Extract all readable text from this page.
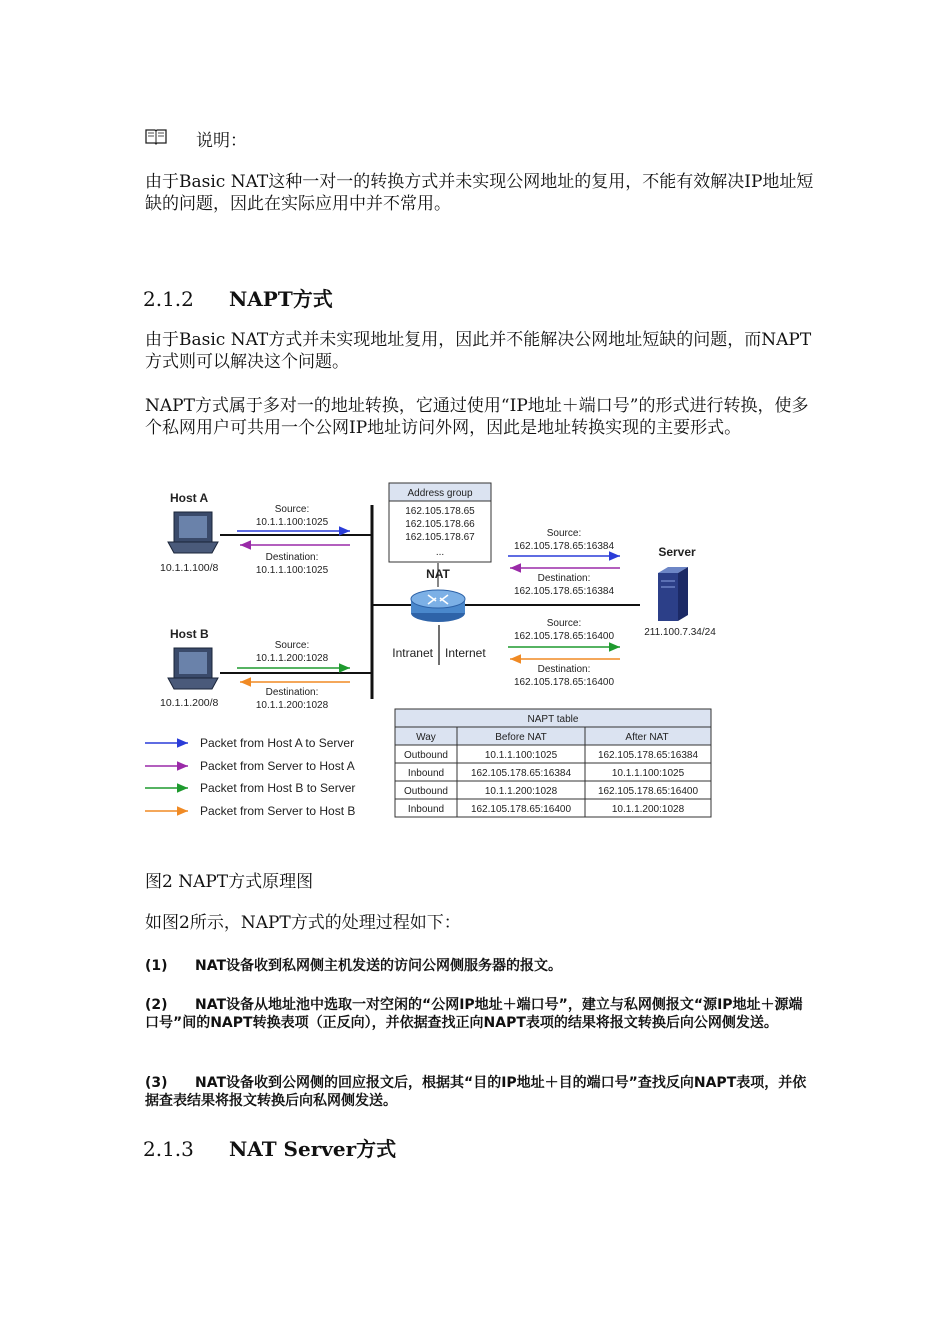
说明：
由于Basic NAT这种一对一的转换方式并未实现公网地址的复用，不能有效解决IP地址短缺的问题，因此在实际应用中并不常用。
2.1.2 NAPT方式
由于Basic NAT方式并未实现地址复用，因此并不能解决公网地址短缺的问题，而NAPT方式则可以解决这个问题。
NAPT方式属于多对一的地址转换，它通过使用“IP地址＋端口号”的形式进行转换，使多个私网用户可共用一个公网IP地址访问外网，因此是地址转换实现的主要形式。
Host A
10.1.1.100/8
Host B
10.1.1.200/8
Source:
10.1.1.100:1025
Destination:
10.1.1.100:1025
Source:
10.1.1.200:1028
Destination:
10.1.1.200:1028
Address group
162.105.178.65
162.105.178.66
162.105.178.67
...
NAT
Intranet Internet
Source:
162.105.178.65:16384
Destination:
162.105.178.65:16384
Source:
162.105.178.65:16400
Destination:
162.105.178.65:16400
Server
211.100.7.34/24
Packet from Host A to Server
Packet from Server to Host A
Packet from Host B to Server
Packet from Server to Host B
NAPT table
Way	Before NAT	After NAT
Outbound	10.1.1.100:1025	162.105.178.65:16384
Inbound	162.105.178.65:16384	10.1.1.100:1025
Outbound	10.1.1.200:1028	162.105.178.65:16400
Inbound	162.105.178.65:16400	10.1.1.200:1028
图2 NAPT方式原理图
如图2所示，NAPT方式的处理过程如下：
(1) NAT设备收到私网侧主机发送的访问公网侧服务器的报文。
(2) NAT设备从地址池中选取一对空闲的“公网IP地址＋端口号”，建立与私网侧报文“源IP地址＋源端口号”间的NAPT转换表项（正反向），并依据查找正向NAPT表项的结果将报文转换后向公网侧发送。
(3) NAT设备收到公网侧的回应报文后，根据其“目的IP地址＋目的端口号”查找反向NAPT表项，并依据查表结果将报文转换后向私网侧发送。
2.1.3 NAT Server方式
